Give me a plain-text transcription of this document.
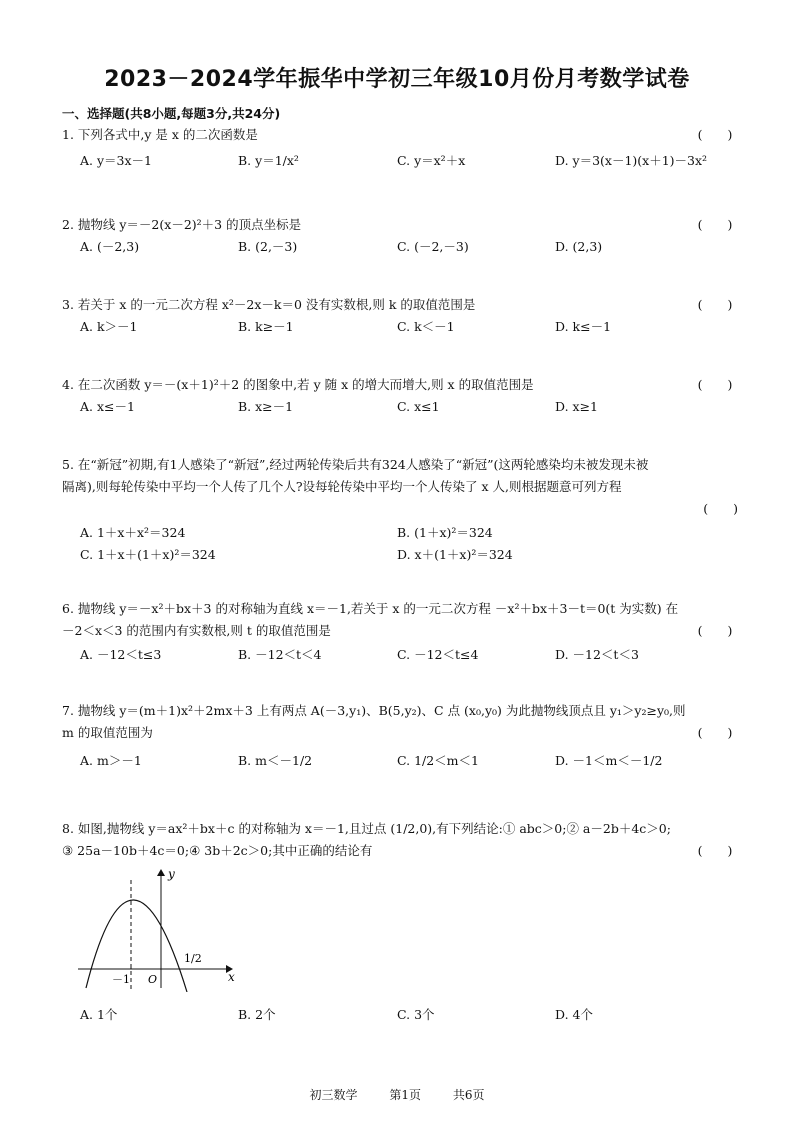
2023－2024学年振华中学初三年级10月份月考数学试卷
一、选择题(共8小题,每题3分,共24分)
1. 下列各式中,y 是 x 的二次函数是	(　　)
A. y＝3x－1	B. y＝1/x²	C. y＝x²＋x	D. y＝3(x－1)(x＋1)－3x²
2. 抛物线 y＝－2(x－2)²＋3 的顶点坐标是	(　　)
A. (－2,3)	B. (2,－3)	C. (－2,－3)	D. (2,3)
3. 若关于 x 的一元二次方程 x²－2x－k＝0 没有实数根,则 k 的取值范围是	(　　)
A. k＞－1	B. k≥－1	C. k＜－1	D. k≤－1
4. 在二次函数 y＝－(x＋1)²＋2 的图象中,若 y 随 x 的增大而增大,则 x 的取值范围是	(　　)
A. x≤－1	B. x≥－1	C. x≤1	D. x≥1
5. 在“新冠”初期,有1人感染了“新冠”,经过两轮传染后共有324人感染了“新冠”(这两轮感染均未被发现未被
隔离),则每轮传染中平均一个人传了几个人?设每轮传染中平均一个人传染了 x 人,则根据题意可列方程
(　　)
A. 1＋x＋x²＝324	B. (1＋x)²＝324
C. 1＋x＋(1＋x)²＝324	D. x＋(1＋x)²＝324
6. 抛物线 y＝－x²＋bx＋3 的对称轴为直线 x＝－1,若关于 x 的一元二次方程 －x²＋bx＋3－t＝0(t 为实数) 在
－2＜x＜3 的范围内有实数根,则 t 的取值范围是	(　　)
A. －12＜t≤3	B. －12＜t＜4	C. －12＜t≤4	D. －12＜t＜3
7. 抛物线 y＝(m＋1)x²＋2mx＋3 上有两点 A(－3,y₁)、B(5,y₂)、C 点 (x₀,y₀) 为此抛物线顶点且 y₁＞y₂≥y₀,则
m 的取值范围为	(　　)
A. m＞－1	B. m＜－1/2	C. 1/2＜m＜1	D. －1＜m＜－1/2
8. 如图,抛物线 y＝ax²＋bx＋c 的对称轴为 x＝－1,且过点 (1/2,0),有下列结论:① abc＞0;② a－2b＋4c＞0;
③ 25a－10b＋4c＝0;④ 3b＋2c＞0;其中正确的结论有	(　　)
y
x
O
－1
1/2
A. 1个	B. 2个	C. 3个	D. 4个
初三数学	第1页	共6页
